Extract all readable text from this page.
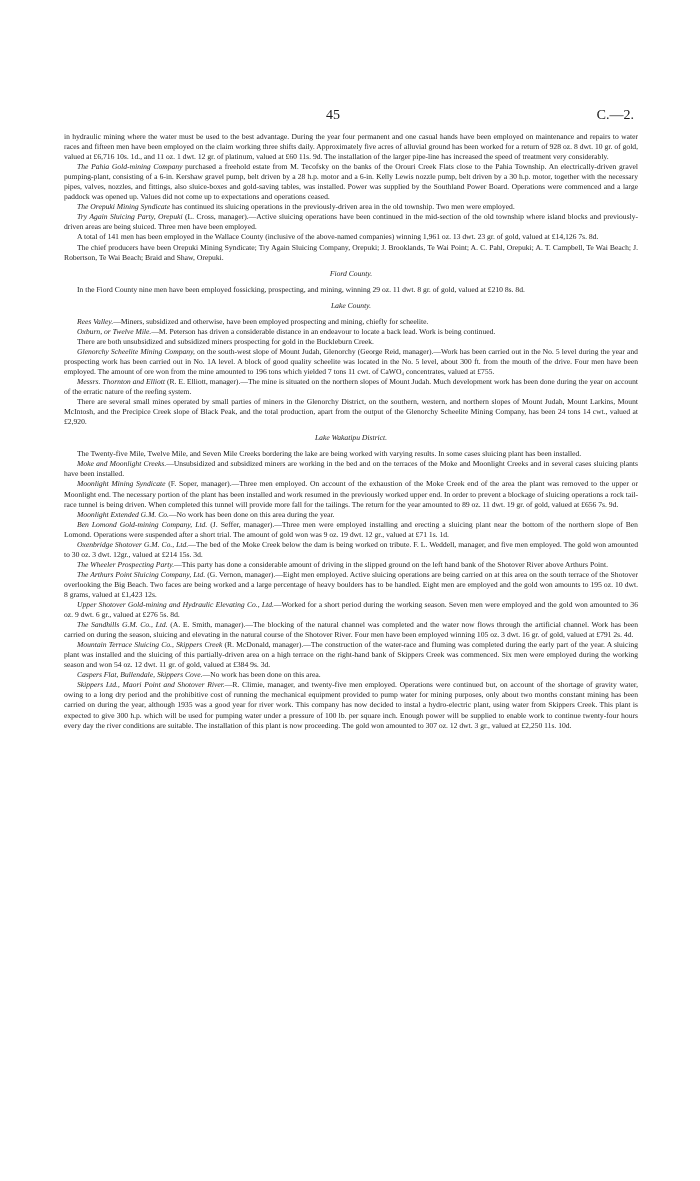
45	C.—2.

in hydraulic mining where the water must be used to the best advantage. During the year four permanent and one casual hands have been employed on maintenance and repairs to water races and fifteen men have been employed on the claim working three shifts daily. Approximately five acres of alluvial ground has been worked for a return of 928 oz. 8 dwt. 10 gr. of gold, valued at £6,716 10s. 1d., and 11 oz. 1 dwt. 12 gr. of platinum, valued at £60 11s. 9d. The installation of the larger pipe-line has increased the speed of treatment very considerably.

The Pahia Gold-mining Company purchased a freehold estate from M. Tecofsky on the banks of the Orouri Creek Flats close to the Pahia Township. An electrically-driven gravel pumping-plant, consisting of a 6-in. Kershaw gravel pump, belt driven by a 28 h.p. motor and a 6-in. Kelly Lewis nozzle pump, belt driven by a 30 h.p. motor, together with the necessary pipes, valves, nozzles, and fittings, also sluice-boxes and gold-saving tables, was installed. Power was supplied by the Southland Power Board. Operations were commenced and a large paddock was opened up. Values did not come up to expectations and operations ceased.

The Orepuki Mining Syndicate has continued its sluicing operations in the previously-driven area in the old township. Two men were employed.

Try Again Sluicing Party, Orepuki (L. Cross, manager).—Active sluicing operations have been continued in the mid-section of the old township where island blocks and previously-driven areas are being sluiced. Three men have been employed.

A total of 141 men has been employed in the Wallace County (inclusive of the above-named companies) winning 1,961 oz. 13 dwt. 23 gr. of gold, valued at £14,126 7s. 8d.

The chief producers have been Orepuki Mining Syndicate; Try Again Sluicing Company, Orepuki; J. Brooklands, Te Wai Point; A. C. Pahl, Orepuki; A. T. Campbell, Te Wai Beach; J. Robertson, Te Wai Beach; Braid and Shaw, Orepuki.

Fiord County.

In the Fiord County nine men have been employed fossicking, prospecting, and mining, winning 29 oz. 11 dwt. 8 gr. of gold, valued at £210 8s. 8d.

Lake County.

Rees Valley.—Miners, subsidized and otherwise, have been employed prospecting and mining, chiefly for scheelite.

Oxburn, or Twelve Mile.—M. Peterson has driven a considerable distance in an endeavour to locate a back lead. Work is being continued.

There are both unsubsidized and subsidized miners prospecting for gold in the Buckleburn Creek.

Glenorchy Scheelite Mining Company, on the south-west slope of Mount Judah, Glenorchy (George Reid, manager).—Work has been carried out in the No. 5 level during the year and prospecting work has been carried out in No. 1A level. A block of good quality scheelite was located in the No. 5 level, about 300 ft. from the mouth of the drive. Four men have been employed. The amount of ore won from the mine amounted to 196 tons which yielded 7 tons 11 cwt. of CaWO₄ concentrates, valued at £755.

Messrs. Thornton and Elliott (R. E. Elliott, manager).—The mine is situated on the northern slopes of Mount Judah. Much development work has been done during the year on account of the erratic nature of the reefing system.

There are several small mines operated by small parties of miners in the Glenorchy District, on the southern, western, and northern slopes of Mount Judah, Mount Larkins, Mount McIntosh, and the Precipice Creek slope of Black Peak, and the total production, apart from the output of the Glenorchy Scheelite Mining Company, has been 24 tons 14 cwt., valued at £2,920.

Lake Wakatipu District.

The Twenty-five Mile, Twelve Mile, and Seven Mile Creeks bordering the lake are being worked with varying results. In some cases sluicing plant has been installed.

Moke and Moonlight Creeks.—Unsubsidized and subsidized miners are working in the bed and on the terraces of the Moke and Moonlight Creeks and in several cases sluicing plants have been installed.

Moonlight Mining Syndicate (F. Soper, manager).—Three men employed. On account of the exhaustion of the Moke Creek end of the area the plant was removed to the upper or Moonlight end. The necessary portion of the plant has been installed and work resumed in the previously worked upper end. In order to prevent a blockage of sluicing operations a rock tail-race tunnel is being driven. When completed this tunnel will provide more fall for the tailings. The return for the year amounted to 89 oz. 11 dwt. 19 gr. of gold, valued at £656 7s. 9d.

Moonlight Extended G.M. Co.—No work has been done on this area during the year.

Ben Lomond Gold-mining Company, Ltd. (J. Seffer, manager).—Three men were employed installing and erecting a sluicing plant near the bottom of the northern slope of Ben Lomond. Operations were suspended after a short trial. The amount of gold won was 9 oz. 19 dwt. 12 gr., valued at £71 1s. 1d.

Oxenbridge Shotover G.M. Co., Ltd.—The bed of the Moke Creek below the dam is being worked on tribute. F. L. Weddell, manager, and five men employed. The gold won amounted to 30 oz. 3 dwt. 12gr., valued at £214 15s. 3d.

The Wheeler Prospecting Party.—This party has done a considerable amount of driving in the slipped ground on the left hand bank of the Shotover River above Arthurs Point.

The Arthurs Point Sluicing Company, Ltd. (G. Vernon, manager).—Eight men employed. Active sluicing operations are being carried on at this area on the south terrace of the Shotover overlooking the Big Beach. Two faces are being worked and a large percentage of heavy boulders has to be handled. Eight men are employed and the gold won amounts to 195 oz. 10 dwt. 8 grams, valued at £1,423 12s.

Upper Shotover Gold-mining and Hydraulic Elevating Co., Ltd.—Worked for a short period during the working season. Seven men were employed and the gold won amounted to 36 oz. 9 dwt. 6 gr., valued at £276 5s. 8d.

The Sandhills G.M. Co., Ltd. (A. E. Smith, manager).—The blocking of the natural channel was completed and the water now flows through the artificial channel. Work has been carried on during the season, sluicing and elevating in the natural course of the Shotover River. Four men have been employed winning 105 oz. 3 dwt. 16 gr. of gold, valued at £791 2s. 4d.

Mountain Terrace Sluicing Co., Skippers Creek (R. McDonald, manager).—The construction of the water-race and fluming was completed during the early part of the year. A sluicing plant was installed and the sluicing of this partially-driven area on a high terrace on the right-hand bank of Skippers Creek was commenced. Six men were employed during the working season and won 54 oz. 12 dwt. 11 gr. of gold, valued at £384 9s. 3d.

Caspers Flat, Bullendale, Skippers Cove.—No work has been done on this area.

Skippers Ltd., Maori Point and Shotover River.—R. Climie, manager, and twenty-five men employed. Operations were continued but, on account of the shortage of gravity water, owing to a long dry period and the prohibitive cost of running the mechanical equipment provided to pump water for mining purposes, only about two months constant mining has been carried on during the year, although 1935 was a good year for river work. This company has now decided to instal a hydro-electric plant, using water from Skippers Creek. This plant is expected to give 300 h.p. which will be used for pumping water under a pressure of 100 lb. per square inch. Enough power will be supplied to enable work to continue twenty-four hours every day the river conditions are suitable. The installation of this plant is now proceeding. The gold won amounted to 307 oz. 12 dwt. 3 gr., valued at £2,250 11s. 10d.
